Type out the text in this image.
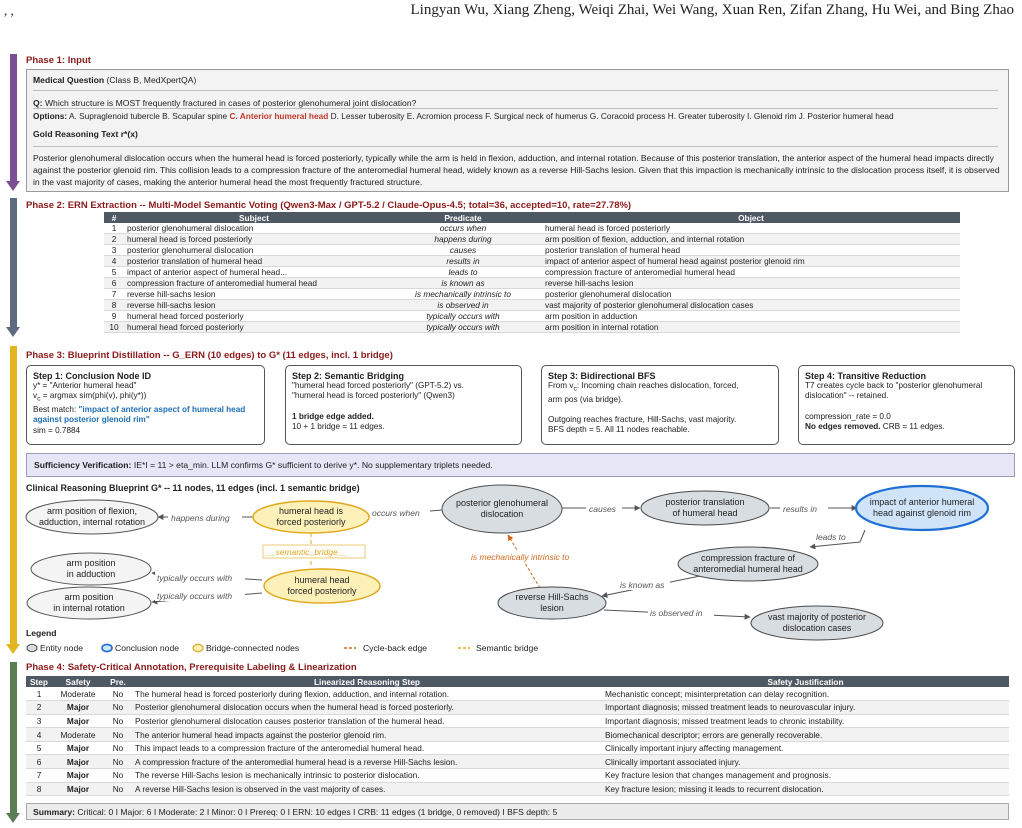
, ,	Lingyan Wu, Xiang Zheng, Weiqi Zhai, Wei Wang, Xuan Ren, Zifan Zhang, Hu Wei, and Bing Zhao
Phase 1: Input
Medical Question (Class B, MedXpertQA)
Q: Which structure is MOST frequently fractured in cases of posterior glenohumeral joint dislocation?
Options: A. Supraglenoid tubercle B. Scapular spine C. Anterior humeral head D. Lesser tuberosity E. Acromion process F. Surgical neck of humerus G. Coracoid process H. Greater tuberosity I. Glenoid rim J. Posterior humeral head
Gold Reasoning Text r*(x)
Posterior glenohumeral dislocation occurs when the humeral head is forced posteriorly, typically while the arm is held in flexion, adduction, and internal rotation. Because of this posterior translation, the anterior aspect of the humeral head impacts directly against the posterior glenoid rim. This collision leads to a compression fracture of the anteromedial humeral head, widely known as a reverse Hill-Sachs lesion. Given that this impaction is mechanically intrinsic to the dislocation process itself, it is observed in the vast majority of cases, making the anterior humeral head the most frequently fractured structure.
Phase 2: ERN Extraction -- Multi-Model Semantic Voting (Qwen3-Max / GPT-5.2 / Claude-Opus-4.5; total=36, accepted=10, rate=27.78%)
#	Subject	Predicate	Object
1	posterior glenohumeral dislocation	occurs when	humeral head is forced posteriorly
2	humeral head is forced posteriorly	happens during	arm position of flexion, adduction, and internal rotation
3	posterior glenohumeral dislocation	causes	posterior translation of humeral head
4	posterior translation of humeral head	results in	impact of anterior aspect of humeral head against posterior glenoid rim
5	impact of anterior aspect of humeral head...	leads to	compression fracture of anteromedial humeral head
6	compression fracture of anteromedial humeral head	is known as	reverse hill-sachs lesion
7	reverse hill-sachs lesion	is mechanically intrinsic to	posterior glenohumeral dislocation
8	reverse hill-sachs lesion	is observed in	vast majority of posterior glenohumeral dislocation cases
9	humeral head forced posteriorly	typically occurs with	arm position in adduction
10	humeral head forced posteriorly	typically occurs with	arm position in internal rotation
Phase 3: Blueprint Distillation -- G_ERN (10 edges) to G* (11 edges, incl. 1 bridge)
Step 1: Conclusion Node ID
y* = "Anterior humeral head"
$v_c = argmax$ sim(phi(v), phi(y*))
Best match: "impact of anterior aspect of humeral head against posterior glenoid rim"
sim = 0.7884
Step 2: Semantic Bridging
"humeral head forced posteriorly" (GPT-5.2) vs.
"humeral head is forced posteriorly" (Qwen3)
1 bridge edge added.
10 + 1 bridge = 11 edges.
Step 3: Bidirectional BFS
From $v_c$: Incoming chain reaches dislocation, forced,
arm pos (via bridge).
Outgoing reaches fracture, Hill-Sachs, vast majority.
BFS depth = 5. All 11 nodes reachable.
Step 4: Transitive Reduction
T7 creates cycle back to "posterior glenohumeral
dislocation" -- retained.
compression_rate = 0.0
No edges removed. CRB = 11 edges.
Sufficiency Verification: IE*I = 11 > eta_min. LLM confirms G* sufficient to derive y*. No supplementary triplets needed.
Clinical Reasoning Blueprint G* -- 11 nodes, 11 edges (incl. 1 semantic bridge)
happens during	occurs when	causes	results in
leads to
is known as
is observed in
is mechanically intrinsic to
__semantic_bridge__
typically occurs with
typically occurs with
arm position of flexion,
adduction, internal rotation
humeral head is
forced posteriorly
posterior glenohumeral
dislocation
posterior translation
of humeral head
impact of anterior humeral
head against glenoid rim
compression fracture of
anteromedial humeral head
arm position
in adduction
arm position
in internal rotation
humeral head
forced posteriorly
reverse Hill-Sachs
lesion
vast majority of posterior
dislocation cases
Legend
Entity node	Conclusion node	Bridge-connected nodes	Cycle-back edge	Semantic bridge
Phase 4: Safety-Critical Annotation, Prerequisite Labeling & Linearization
Step	Safety	Pre.	Linearized Reasoning Step	Safety Justification
1	Moderate	No	The humeral head is forced posteriorly during flexion, adduction, and internal rotation.	Mechanistic concept; misinterpretation can delay recognition.
2	Major	No	Posterior glenohumeral dislocation occurs when the humeral head is forced posteriorly.	Important diagnosis; missed treatment leads to neurovascular injury.
3	Major	No	Posterior glenohumeral dislocation causes posterior translation of the humeral head.	Important diagnosis; missed treatment leads to chronic instability.
4	Moderate	No	The anterior humeral head impacts against the posterior glenoid rim.	Biomechanical descriptor; errors are generally recoverable.
5	Major	No	This impact leads to a compression fracture of the anteromedial humeral head.	Clinically important injury affecting management.
6	Major	No	A compression fracture of the anteromedial humeral head is a reverse Hill-Sachs lesion.	Clinically important associated injury.
7	Major	No	The reverse Hill-Sachs lesion is mechanically intrinsic to posterior dislocation.	Key fracture lesion that changes management and prognosis.
8	Major	No	A reverse Hill-Sachs lesion is observed in the vast majority of cases.	Key fracture lesion; missing it leads to recurrent dislocation.
Summary: Critical: 0 I Major: 6 I Moderate: 2 I Minor: 0 I Prereq: 0 I ERN: 10 edges I CRB: 11 edges (1 bridge, 0 removed) I BFS depth: 5
